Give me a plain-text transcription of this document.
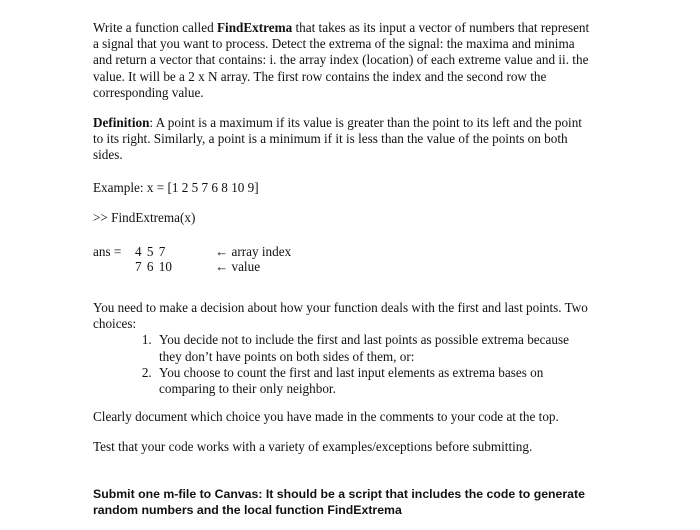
Write a function called FindExtrema that takes as its input a vector of numbers that represent a signal that you want to process. Detect the extrema of the signal: the maxima and minima and return a vector that contains: i. the array index (location) of each extreme value and ii. the value. It will be a 2 x N array. The first row contains the index and the second row the corresponding value.

Definition: A point is a maximum if its value is greater than the point to its left and the point to its right. Similarly, a point is a minimum if it is less than the value of the points on both sides.

Example: x = [1 2 5 7 6 8 10 9]

>> FindExtrema(x)

ans = 4 5 7
7 6 10
← array index
← value

You need to make a decision about how your function deals with the first and last points. Two choices:

1. You decide not to include the first and last points as possible extrema because they don’t have points on both sides of them, or:
2. You choose to count the first and last input elements as extrema bases on comparing to their only neighbor.

Clearly document which choice you have made in the comments to your code at the top.

Test that your code works with a variety of examples/exceptions before submitting.

Submit one m-file to Canvas: It should be a script that includes the code to generate random numbers and the local function FindExtrema
